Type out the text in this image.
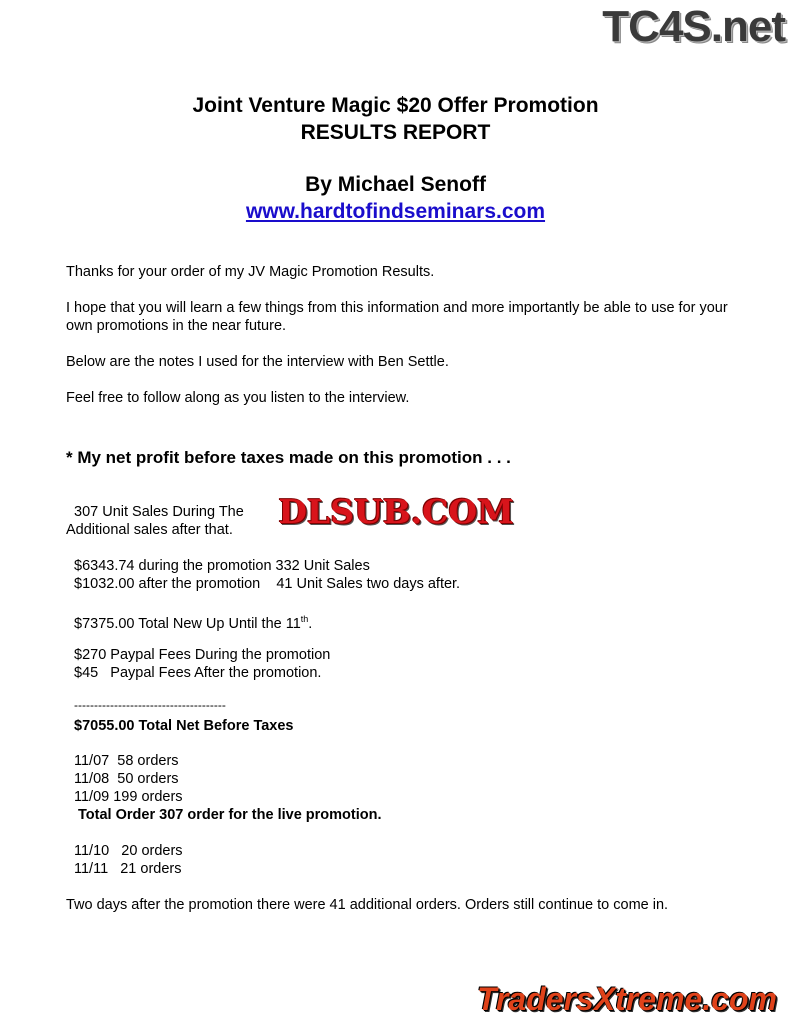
TC4S.net

Joint Venture Magic $20 Offer Promotion

RESULTS REPORT

By Michael Senoff

www.hardtofindseminars.com

Thanks for your order of my JV Magic Promotion Results.

I hope that you will learn a few things from this information and more importantly be able to use for your own promotions in the near future.

Below are the notes I used for the interview with Ben Settle.

Feel free to follow along as you listen to the interview.

* My net profit before taxes made on this promotion . . .
307 Unit Sales During The
Additional sales after that.	DLSUB.COM
$6343.74 during the promotion 332 Unit Sales
$1032.00 after the promotion    41 Unit Sales two days after.
$7375.00 Total New Up Until the 11th.
$270 Paypal Fees During the promotion
$45   Paypal Fees After the promotion.
--------------------------------------
$7055.00 Total Net Before Taxes
11/07  58 orders
11/08  50 orders
11/09 199 orders
Total Order 307 order for the live promotion.
11/10   20 orders
11/11   21 orders
Two days after the promotion there were 41 additional orders. Orders still continue to come in.
TradersXtreme.com
